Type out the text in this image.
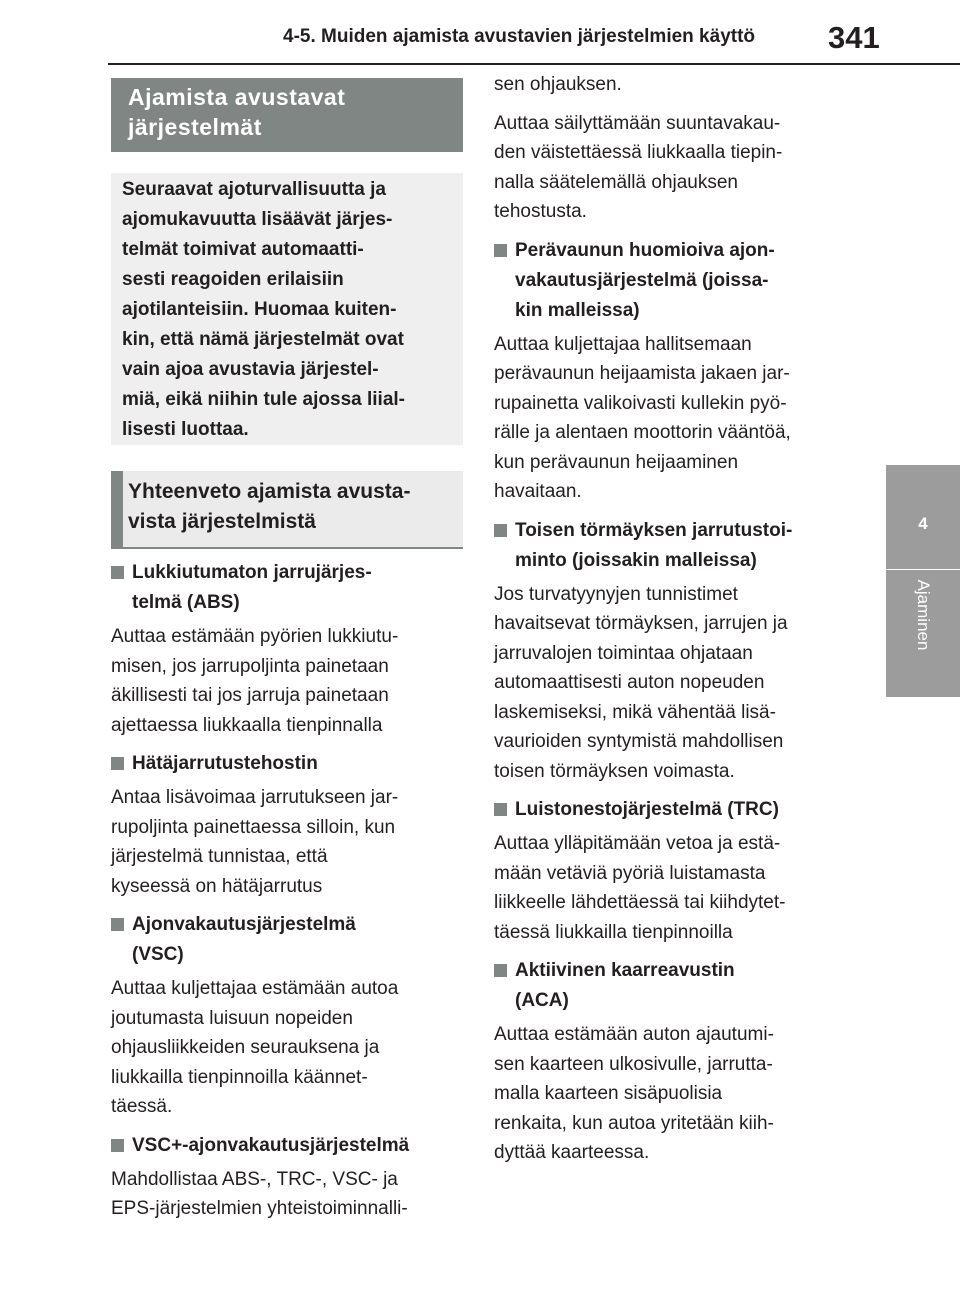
4-5. Muiden ajamista avustavien järjestelmien käyttö 341
4
Ajaminen
Ajamista avustavat
järjestelmät
Seuraavat ajoturvallisuutta ja
ajomukavuutta lisäävät järjes-
telmät toimivat automaatti-
sesti reagoiden erilaisiin
ajotilanteisiin. Huomaa kuiten-
kin, että nämä järjestelmät ovat
vain ajoa avustavia järjestel-
miä, eikä niihin tule ajossa liial-
lisesti luottaa.
Yhteenveto ajamista avusta-
vista järjestelmistä
Lukkiutumaton jarrujärjes-
telmä (ABS)
Auttaa estämään pyörien lukkiutu-
misen, jos jarrupoljinta painetaan
äkillisesti tai jos jarruja painetaan
ajettaessa liukkaalla tienpinnalla
Hätäjarrutustehostin
Antaa lisävoimaa jarrutukseen jar-
rupoljinta painettaessa silloin, kun
järjestelmä tunnistaa, että
kyseessä on hätäjarrutus
Ajonvakautusjärjestelmä
(VSC)
Auttaa kuljettajaa estämään autoa
joutumasta luisuun nopeiden
ohjausliikkeiden seurauksena ja
liukkailla tienpinnoilla käännet-
täessä.
VSC+-ajonvakautusjärjestelmä
Mahdollistaa ABS-, TRC-, VSC- ja
EPS-järjestelmien yhteistoiminnalli-
sen ohjauksen.
Auttaa säilyttämään suuntavakau-
den väistettäessä liukkaalla tiepin-
nalla säätelemällä ohjauksen
tehostusta.
Perävaunun huomioiva ajon-
vakautusjärjestelmä (joissa-
kin malleissa)
Auttaa kuljettajaa hallitsemaan
perävaunun heijaamista jakaen jar-
rupainetta valikoivasti kullekin pyö-
rälle ja alentaen moottorin vääntöä,
kun perävaunun heijaaminen
havaitaan.
Toisen törmäyksen jarrutustoi-
minto (joissakin malleissa)
Jos turvatyynyjen tunnistimet
havaitsevat törmäyksen, jarrujen ja
jarruvalojen toimintaa ohjataan
automaattisesti auton nopeuden
laskemiseksi, mikä vähentää lisä-
vaurioiden syntymistä mahdollisen
toisen törmäyksen voimasta.
Luistonestojärjestelmä (TRC)
Auttaa ylläpitämään vetoa ja estä-
mään vetäviä pyöriä luistamasta
liikkeelle lähdettäessä tai kiihdytet-
täessä liukkailla tienpinnoilla
Aktiivinen kaarreavustin
(ACA)
Auttaa estämään auton ajautumi-
sen kaarteen ulkosivulle, jarrutta-
malla kaarteen sisäpuolisia
renkaita, kun autoa yritetään kiih-
dyttää kaarteessa.
